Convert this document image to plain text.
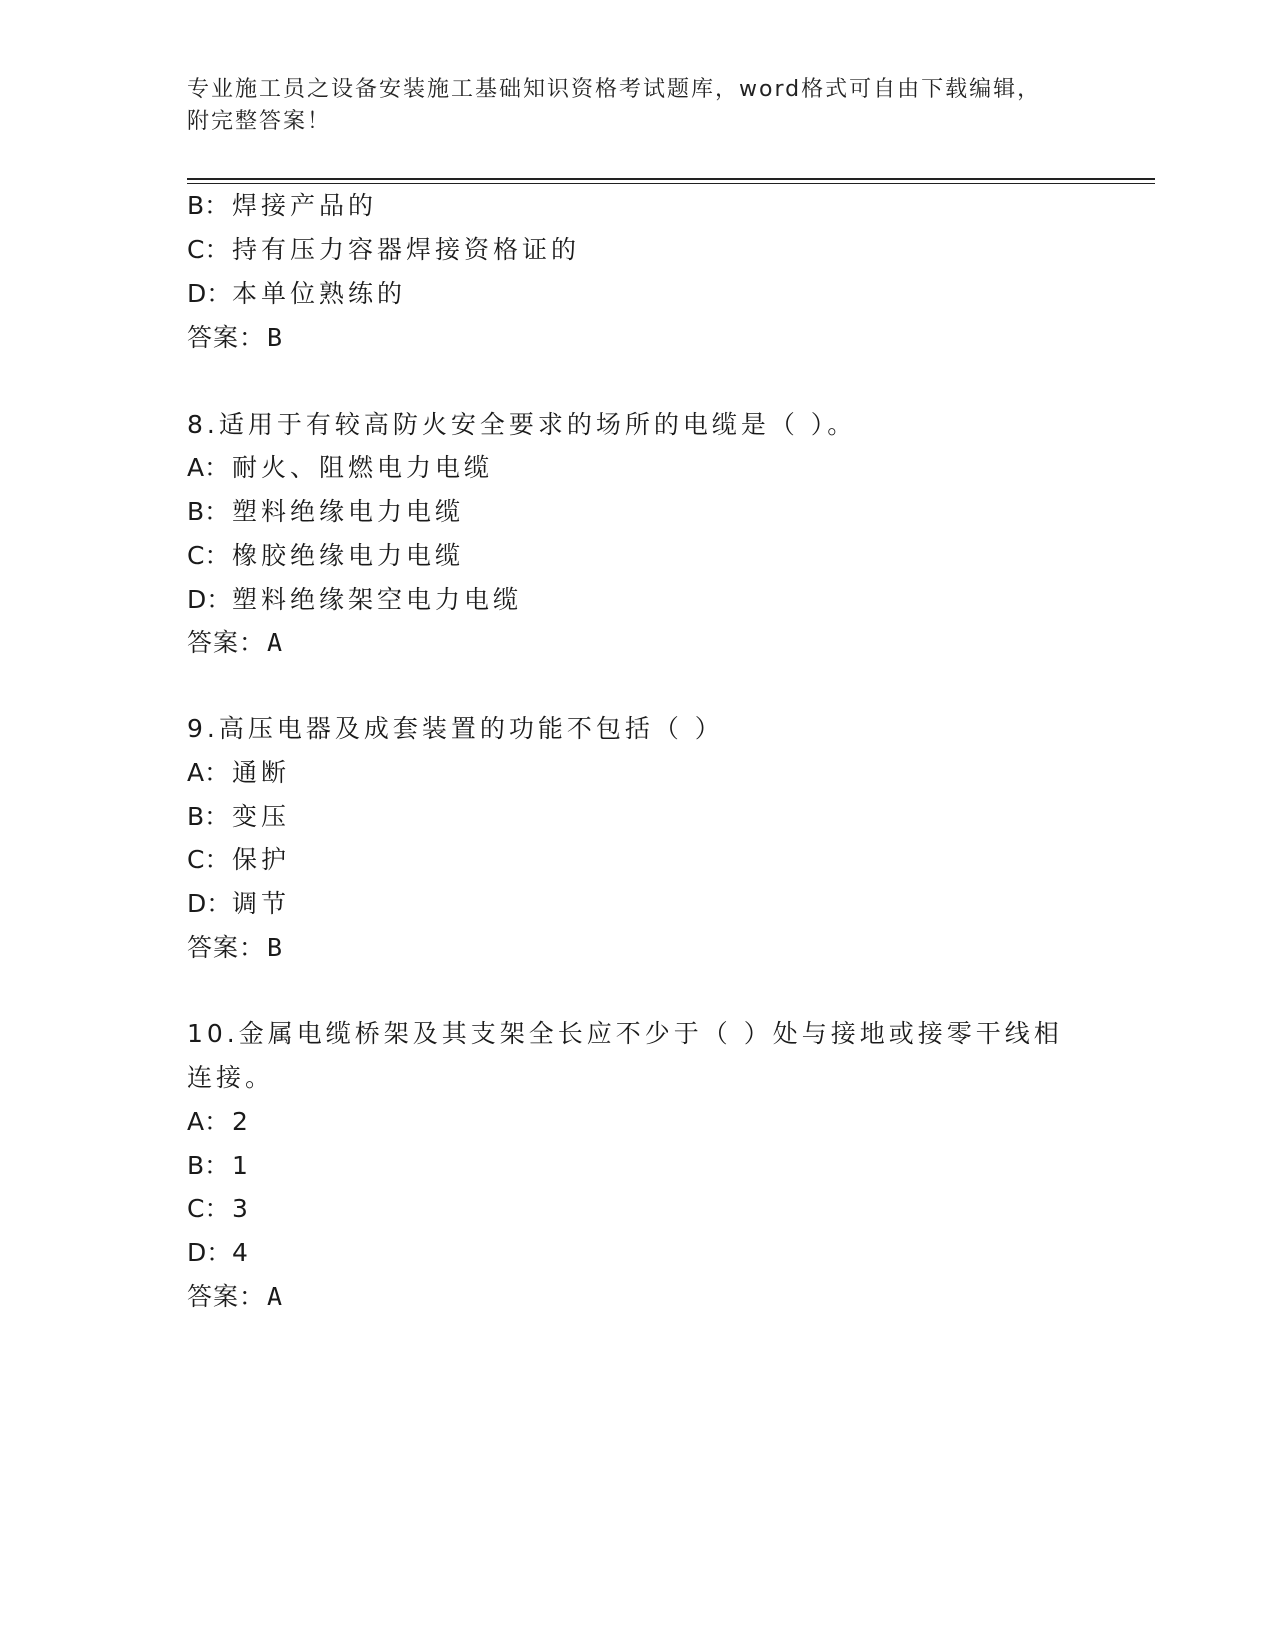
专业施工员之设备安装施工基础知识资格考试题库，word格式可自由下载编辑，
附完整答案！
B： 焊接产品的
C： 持有压力容器焊接资格证的
D：本单位熟练的
答案：B
8.适用于有较高防火安全要求的场所的电缆是（ ）。
A： 耐火、阻燃电力电缆
B： 塑料绝缘电力电缆
C： 橡胶绝缘电力电缆
D：塑料绝缘架空电力电缆
答案：A
9.高压电器及成套装置的功能不包括（ ）
A： 通断
B： 变压
C： 保护
D：调节
答案：B
10.金属电缆桥架及其支架全长应不少于（ ）处与接地或接零干线相
连接。
A： 2
B： 1
C： 3
D：4
答案：A
